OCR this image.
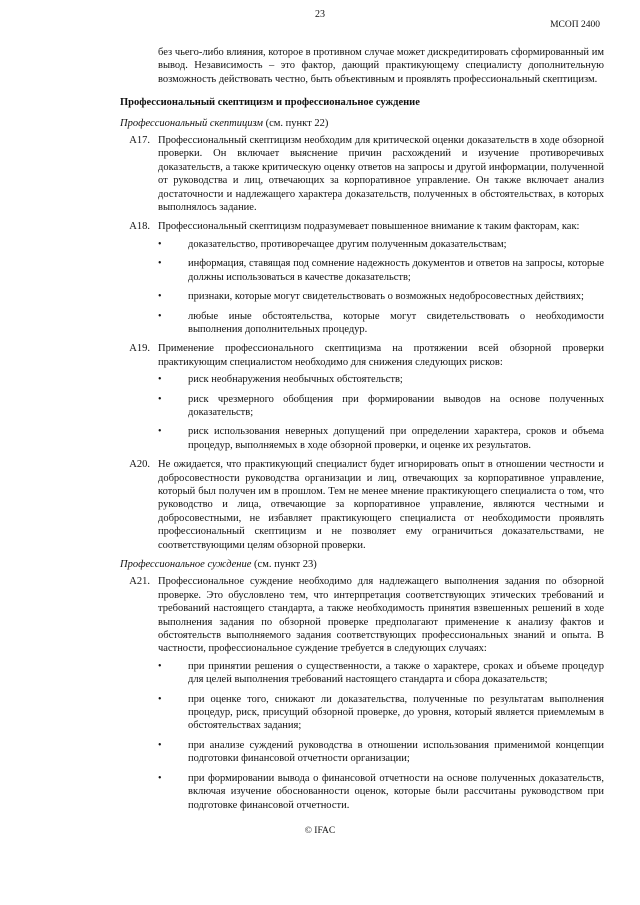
23
МСОП 2400

без чьего-либо влияния, которое в противном случае может дискредитировать сформированный им вывод. Независимость – это фактор, дающий практикующему специалисту дополнительную возможность действовать честно, быть объективным и проявлять профессиональный скептицизм.

Профессиональный скептицизм и профессиональное суждение

Профессиональный скептицизм (см. пункт 22)

A17. Профессиональный скептицизм необходим для критической оценки доказательств в ходе обзорной проверки. Он включает выяснение причин расхождений и изучение противоречивых доказательств, а также критическую оценку ответов на запросы и другой информации, полученной от руководства и лиц, отвечающих за корпоративное управление. Он также включает анализ достаточности и надлежащего характера доказательств, полученных в обстоятельствах, в которых выполнялось задание.

A18. Профессиональный скептицизм подразумевает повышенное внимание к таким факторам, как:

•	доказательство, противоречащее другим полученным доказательствам;
•	информация, ставящая под сомнение надежность документов и ответов на запросы, которые должны использоваться в качестве доказательств;
•	признаки, которые могут свидетельствовать о возможных недобросовестных действиях;
•	любые иные обстоятельства, которые могут свидетельствовать о необходимости выполнения дополнительных процедур.
A19. Применение профессионального скептицизма на протяжении всей обзорной проверки практикующим специалистом необходимо для снижения следующих рисков:

•	риск необнаружения необычных обстоятельств;
•	риск чрезмерного обобщения при формировании выводов на основе полученных доказательств;
•	риск использования неверных допущений при определении характера, сроков и объема процедур, выполняемых в ходе обзорной проверки, и оценке их результатов.
A20. Не ожидается, что практикующий специалист будет игнорировать опыт в отношении честности и добросовестности руководства организации и лиц, отвечающих за корпоративное управление, который был получен им в прошлом. Тем не менее мнение практикующего специалиста о том, что руководство и лица, отвечающие за корпоративное управление, являются честными и добросовестными, не избавляет практикующего специалиста от необходимости проявлять профессиональный скептицизм и не позволяет ему ограничиться доказательствами, не соответствующими целям обзорной проверки.

Профессиональное суждение (см. пункт 23)

A21. Профессиональное суждение необходимо для надлежащего выполнения задания по обзорной проверке. Это обусловлено тем, что интерпретация соответствующих этических требований и требований настоящего стандарта, а также необходимость принятия взвешенных решений в ходе выполнения задания по обзорной проверке предполагают применение к анализу фактов и обстоятельств выполняемого задания соответствующих профессиональных знаний и опыта. В частности, профессиональное суждение требуется в следующих случаях:

•	при принятии решения о существенности, а также о характере, сроках и объеме процедур для целей выполнения требований настоящего стандарта и сбора доказательств;
•	при оценке того, снижают ли доказательства, полученные по результатам выполнения процедур, риск, присущий обзорной проверке, до уровня, который является приемлемым в обстоятельствах задания;
•	при анализе суждений руководства в отношении использования применимой концепции подготовки финансовой отчетности организации;
•	при формировании вывода о финансовой отчетности на основе полученных доказательств, включая изучение обоснованности оценок, которые были рассчитаны руководством при подготовке финансовой отчетности.
© IFAC
